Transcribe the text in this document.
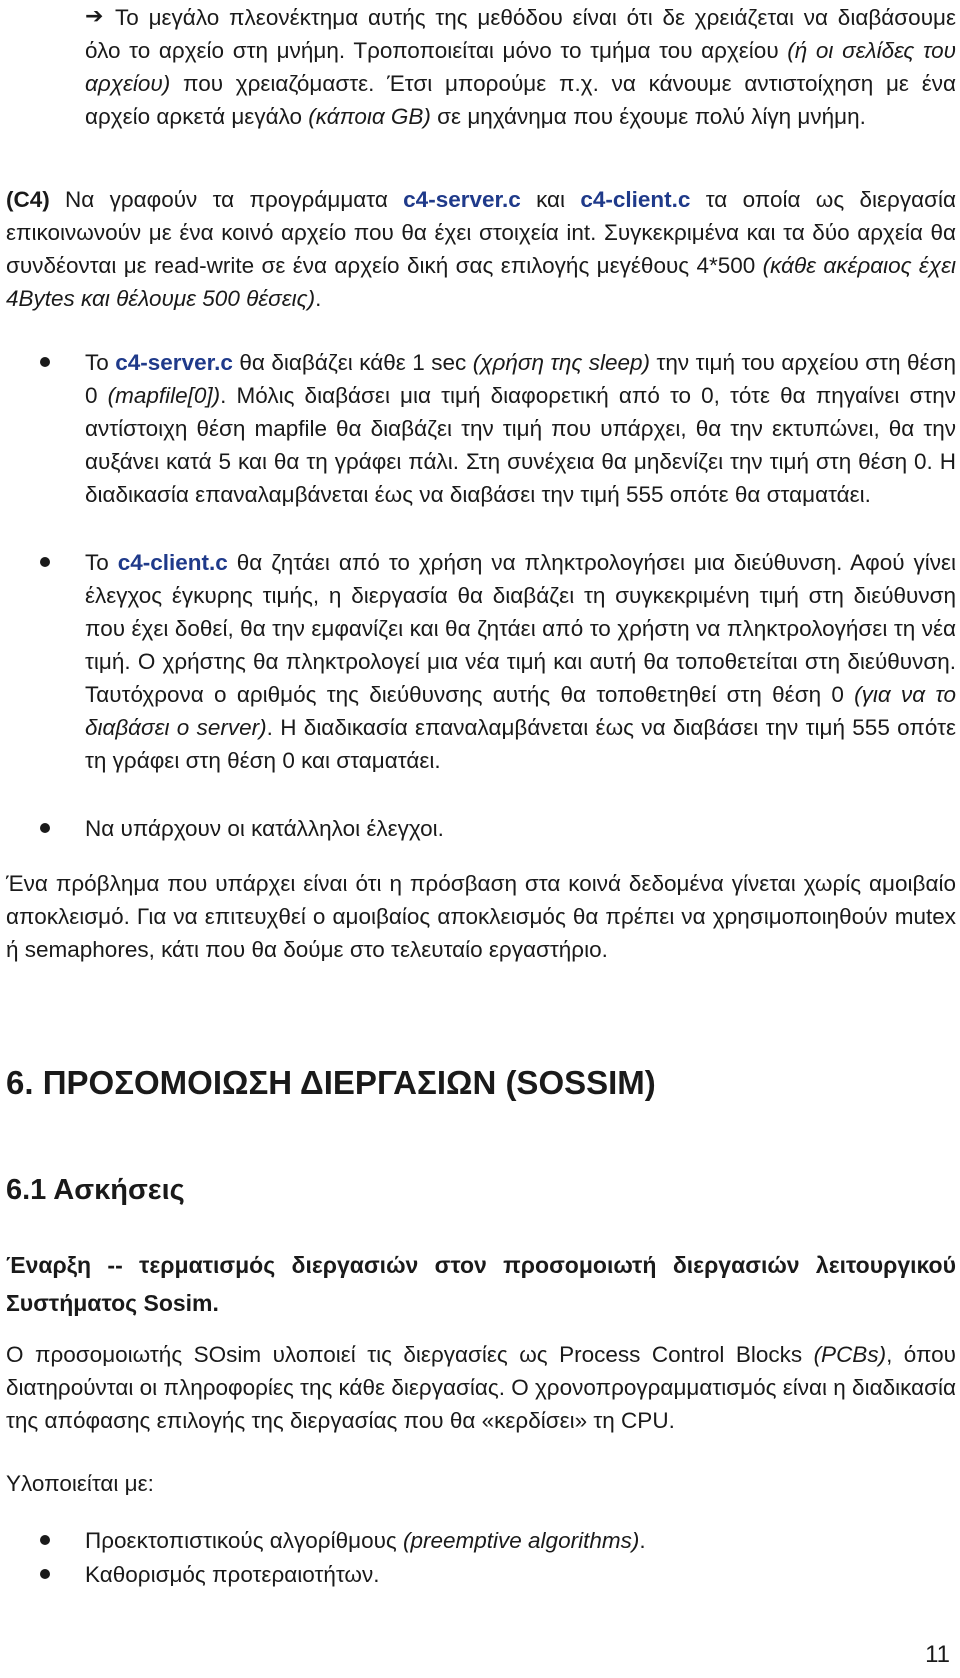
➔ Το μεγάλο πλεονέκτημα αυτής της μεθόδου είναι ότι δε χρειάζεται να διαβάσουμε όλο το αρχείο στη μνήμη. Τροποποιείται μόνο το τμήμα του αρχείου (ή οι σελίδες του αρχείου) που χρειαζόμαστε. Έτσι μπορούμε π.χ. να κάνουμε αντιστοίχηση με ένα αρχείο αρκετά μεγάλο (κάποια GB) σε μηχάνημα που έχουμε πολύ λίγη μνήμη.

(C4) Να γραφούν τα προγράμματα c4-server.c και c4-client.c τα οποία ως διεργασία επικοινωνούν με ένα κοινό αρχείο που θα έχει στοιχεία int. Συγκεκριμένα και τα δύο αρχεία θα συνδέονται με read-write σε ένα αρχείο δική σας επιλογής μεγέθους 4*500 (κάθε ακέραιος έχει 4Bytes και θέλουμε 500 θέσεις).

Το c4-server.c θα διαβάζει κάθε 1 sec (χρήση της sleep) την τιμή του αρχείου στη θέση 0 (mapfile[0]). Μόλις διαβάσει μια τιμή διαφορετική από το 0, τότε θα πηγαίνει στην αντίστοιχη θέση mapfile θα διαβάζει την τιμή που υπάρχει, θα την εκτυπώνει, θα την αυξάνει κατά 5 και θα τη γράφει πάλι. Στη συνέχεια θα μηδενίζει την τιμή στη θέση 0. Η διαδικασία επαναλαμβάνεται έως να διαβάσει την τιμή 555 οπότε θα σταματάει.

Το c4-client.c θα ζητάει από το χρήση να πληκτρολογήσει μια διεύθυνση. Αφού γίνει έλεγχος έγκυρης τιμής, η διεργασία θα διαβάζει τη συγκεκριμένη τιμή στη διεύθυνση που έχει δοθεί, θα την εμφανίζει και θα ζητάει από το χρήστη να πληκτρολογήσει τη νέα τιμή. Ο χρήστης θα πληκτρολογεί μια νέα τιμή και αυτή θα τοποθετείται στη διεύθυνση. Ταυτόχρονα ο αριθμός της διεύθυνσης αυτής θα τοποθετηθεί στη θέση 0 (για να το διαβάσει ο server). Η διαδικασία επαναλαμβάνεται έως να διαβάσει την τιμή 555 οπότε τη γράφει στη θέση 0 και σταματάει.

Να υπάρχουν οι κατάλληλοι έλεγχοι.

Ένα πρόβλημα που υπάρχει είναι ότι η πρόσβαση στα κοινά δεδομένα γίνεται χωρίς αμοιβαίο αποκλεισμό. Για να επιτευχθεί ο αμοιβαίος αποκλεισμός θα πρέπει να χρησιμοποιηθούν mutex ή semaphores, κάτι που θα δούμε στο τελευταίο εργαστήριο.

6. ΠΡΟΣΟΜΟΙΩΣΗ ΔΙΕΡΓΑΣΙΩΝ (SOSSIM)
6.1 Ασκήσεις
Έναρξη -- τερματισμός διεργασιών στον προσομοιωτή διεργασιών λειτουργικού Συστήματος Sosim.

Ο προσομοιωτής SOsim υλοποιεί τις διεργασίες ως Process Control Blocks (PCBs), όπου διατηρούνται οι πληροφορίες της κάθε διεργασίας. Ο χρονοπρογραμματισμός είναι η διαδικασία της απόφασης επιλογής της διεργασίας που θα «κερδίσει» τη CPU.

Υλοποιείται με:

Προεκτοπιστικούς αλγορίθμους (preemptive algorithms).

Καθορισμός προτεραιοτήτων.

11
